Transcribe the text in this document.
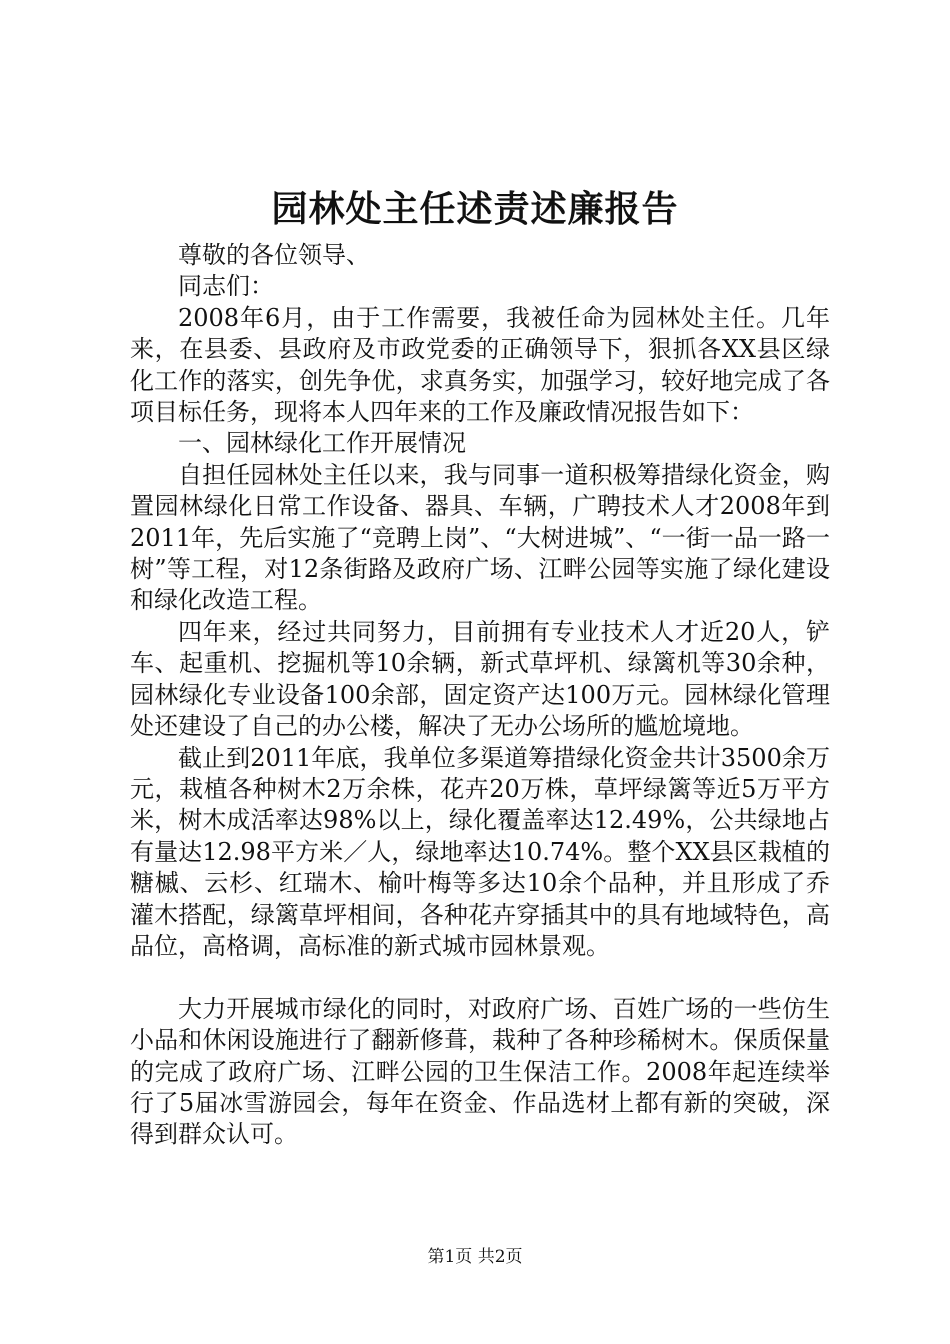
园林处主任述责述廉报告

尊敬的各位领导、

同志们：

2008年6月，由于工作需要，我被任命为园林处主任。几年来，在县委、县政府及市政党委的正确领导下，狠抓各XX县区绿化工作的落实，创先争优，求真务实，加强学习，较好地完成了各项目标任务，现将本人四年来的工作及廉政情况报告如下：

一、园林绿化工作开展情况

自担任园林处主任以来，我与同事一道积极筹措绿化资金，购置园林绿化日常工作设备、器具、车辆，广聘技术人才2008年到2011年，先后实施了“竞聘上岗”、“大树进城”、“一街一品一路一树”等工程，对12条街路及政府广场、江畔公园等实施了绿化建设和绿化改造工程。

四年来，经过共同努力，目前拥有专业技术人才近20人，铲车、起重机、挖掘机等10余辆，新式草坪机、绿篱机等30余种，园林绿化专业设备100余部，固定资产达100万元。园林绿化管理处还建设了自己的办公楼，解决了无办公场所的尴尬境地。

截止到2011年底，我单位多渠道筹措绿化资金共计3500余万元，栽植各种树木2万余株，花卉20万株，草坪绿篱等近5万平方米，树木成活率达98%以上，绿化覆盖率达12.49%，公共绿地占有量达12.98平方米／人，绿地率达10.74%。整个XX县区栽植的糖槭、云杉、红瑞木、榆叶梅等多达10余个品种，并且形成了乔灌木搭配，绿篱草坪相间，各种花卉穿插其中的具有地域特色，高品位，高格调，高标准的新式城市园林景观。

大力开展城市绿化的同时，对政府广场、百姓广场的一些仿生小品和休闲设施进行了翻新修葺，栽种了各种珍稀树木。保质保量的完成了政府广场、江畔公园的卫生保洁工作。2008年起连续举行了5届冰雪游园会，每年在资金、作品选材上都有新的突破，深得到群众认可。

第1页 共2页
